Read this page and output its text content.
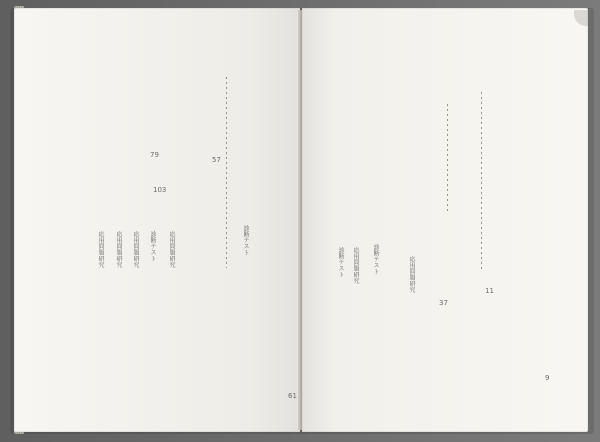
診断テスト
応用問題研究
診断テスト
応用問題研究
応用問題研究
応用問題研究
応用問題研究
診断テスト
応用問題研究
診断テスト
61
79
57
103
37
9
11
